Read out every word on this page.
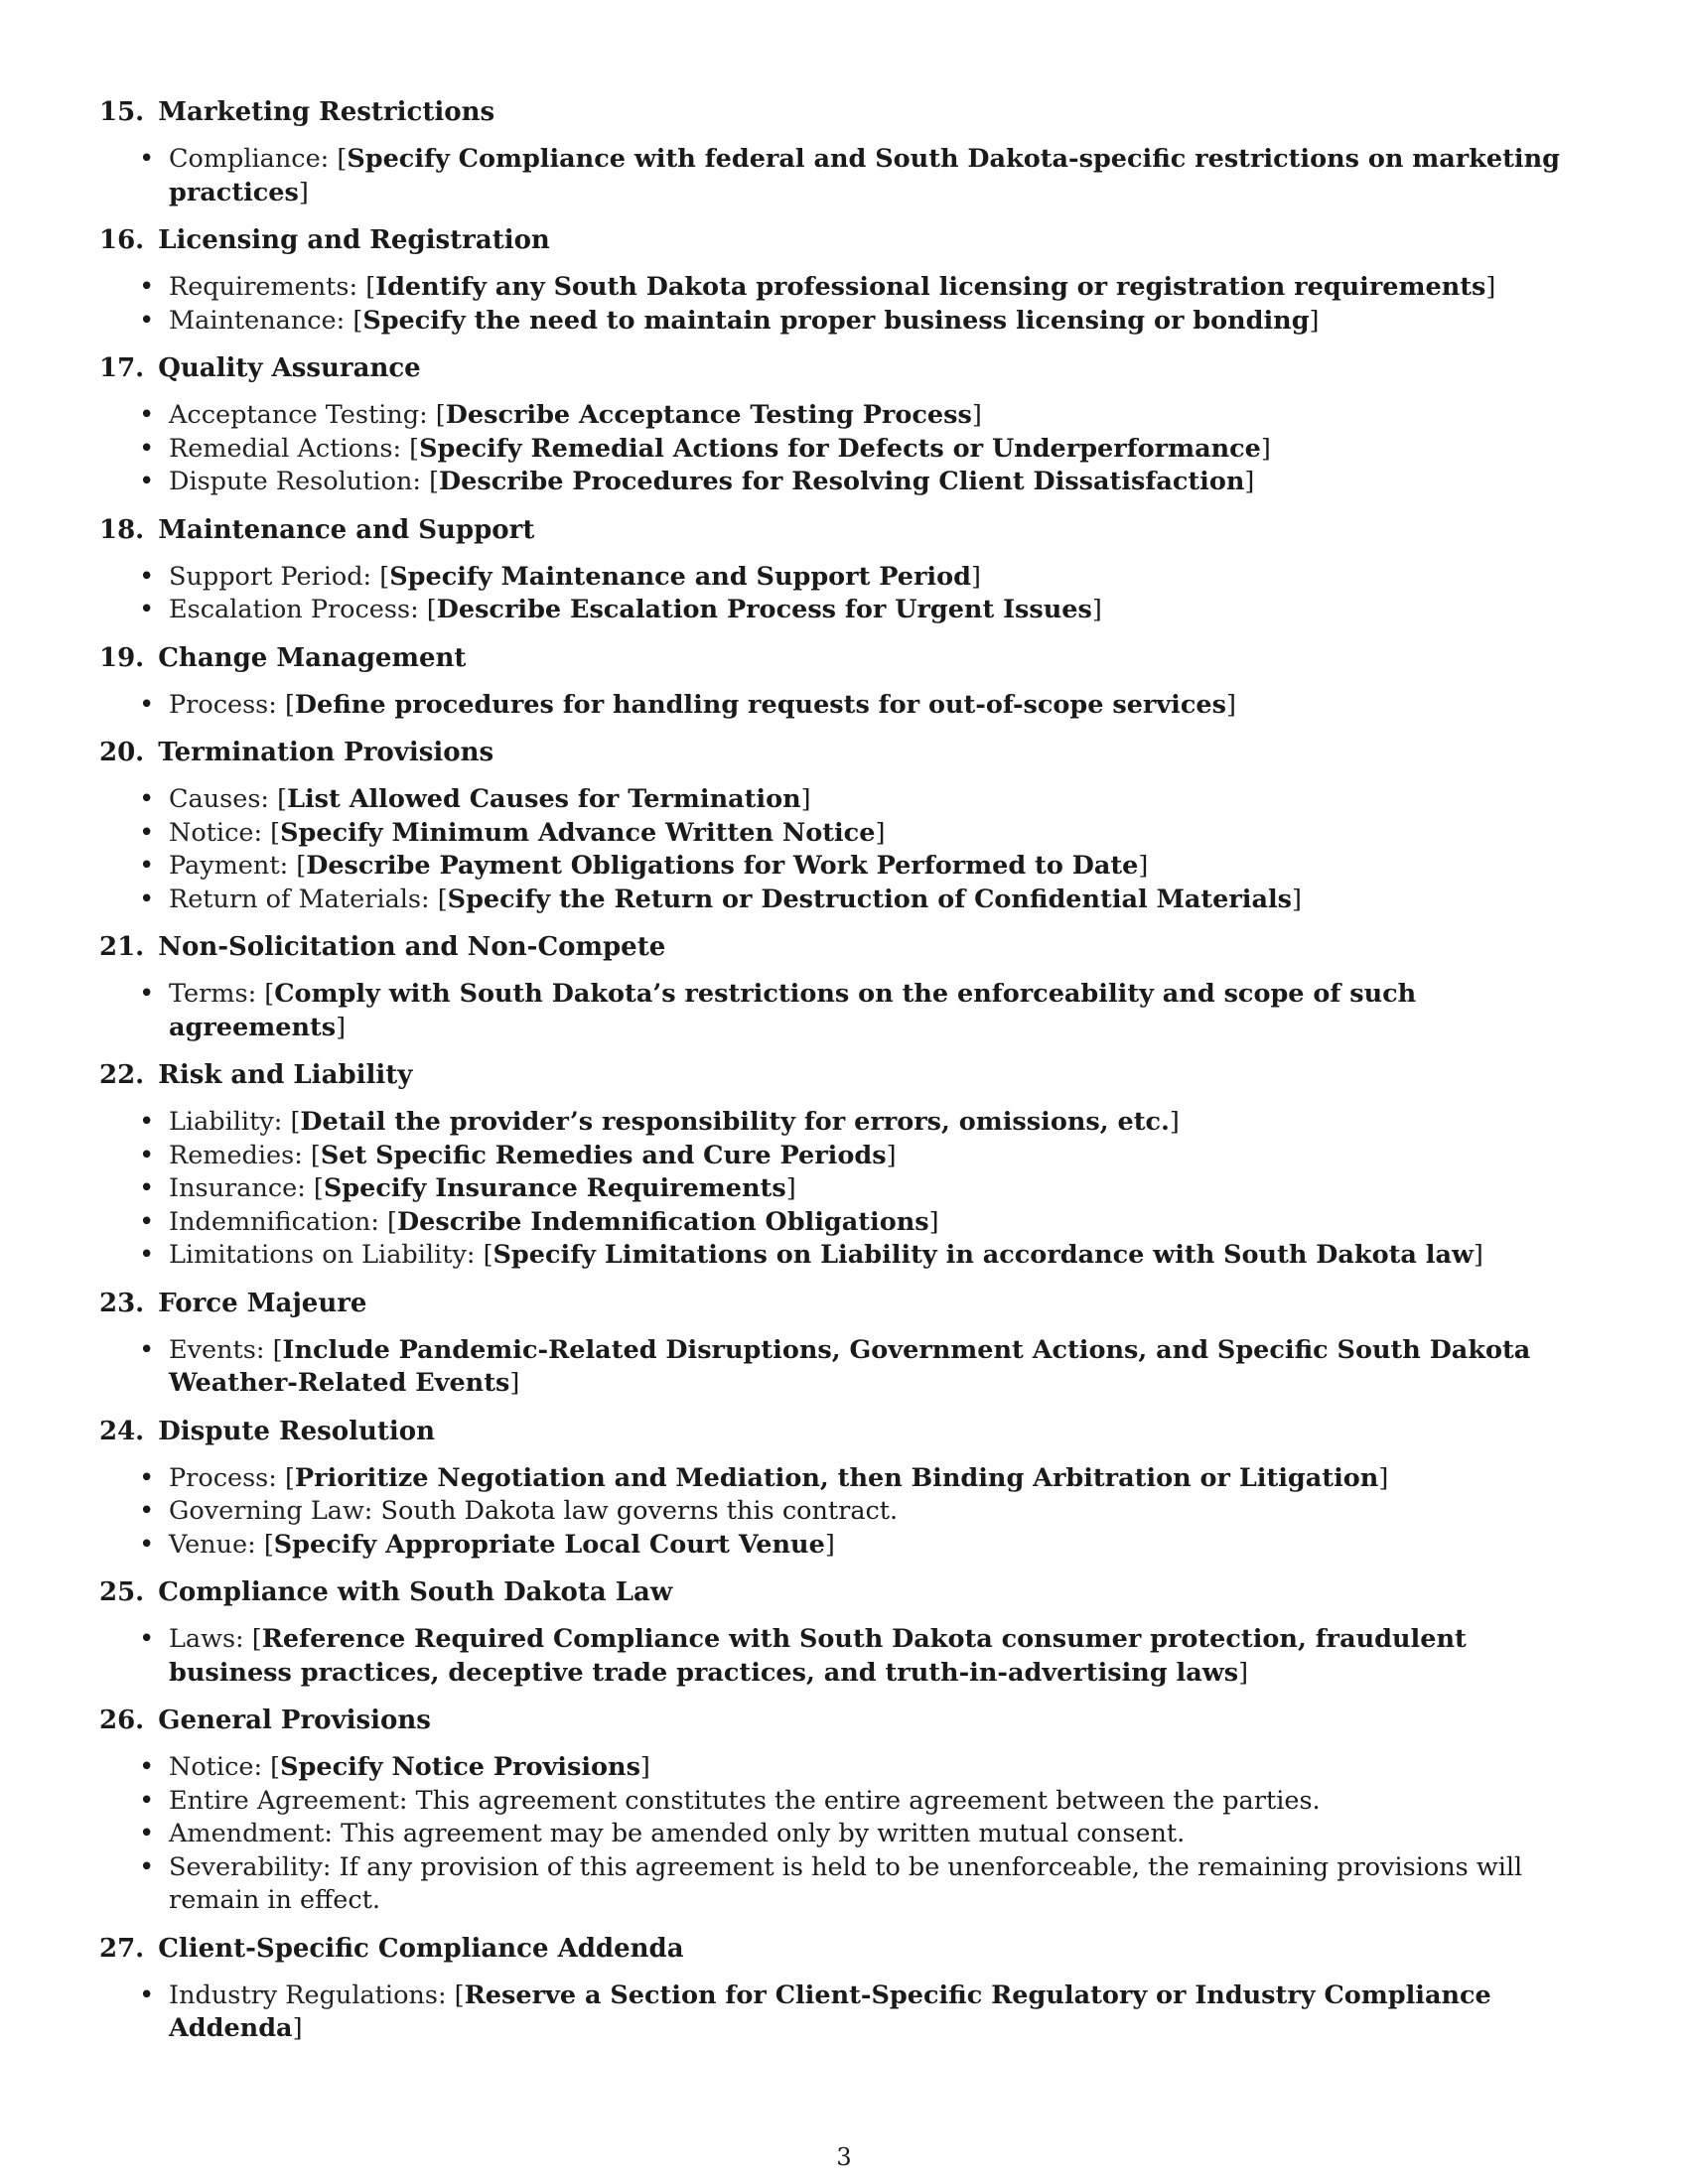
15. Marketing Restrictions
• Compliance: [Specify Compliance with federal and South Dakota-specific restrictions on marketing practices]
16. Licensing and Registration
• Requirements: [Identify any South Dakota professional licensing or registration requirements]
• Maintenance: [Specify the need to maintain proper business licensing or bonding]
17. Quality Assurance
• Acceptance Testing: [Describe Acceptance Testing Process]
• Remedial Actions: [Specify Remedial Actions for Defects or Underperformance]
• Dispute Resolution: [Describe Procedures for Resolving Client Dissatisfaction]
18. Maintenance and Support
• Support Period: [Specify Maintenance and Support Period]
• Escalation Process: [Describe Escalation Process for Urgent Issues]
19. Change Management
• Process: [Define procedures for handling requests for out-of-scope services]
20. Termination Provisions
• Causes: [List Allowed Causes for Termination]
• Notice: [Specify Minimum Advance Written Notice]
• Payment: [Describe Payment Obligations for Work Performed to Date]
• Return of Materials: [Specify the Return or Destruction of Confidential Materials]
21. Non-Solicitation and Non-Compete
• Terms: [Comply with South Dakota’s restrictions on the enforceability and scope of such agreements]
22. Risk and Liability
• Liability: [Detail the provider’s responsibility for errors, omissions, etc.]
• Remedies: [Set Specific Remedies and Cure Periods]
• Insurance: [Specify Insurance Requirements]
• Indemnification: [Describe Indemnification Obligations]
• Limitations on Liability: [Specify Limitations on Liability in accordance with South Dakota law]
23. Force Majeure
• Events: [Include Pandemic-Related Disruptions, Government Actions, and Specific South Dakota Weather-Related Events]
24. Dispute Resolution
• Process: [Prioritize Negotiation and Mediation, then Binding Arbitration or Litigation]
• Governing Law: South Dakota law governs this contract.
• Venue: [Specify Appropriate Local Court Venue]
25. Compliance with South Dakota Law
• Laws: [Reference Required Compliance with South Dakota consumer protection, fraudulent business practices, deceptive trade practices, and truth-in-advertising laws]
26. General Provisions
• Notice: [Specify Notice Provisions]
• Entire Agreement: This agreement constitutes the entire agreement between the parties.
• Amendment: This agreement may be amended only by written mutual consent.
• Severability: If any provision of this agreement is held to be unenforceable, the remaining provisions will remain in effect.
27. Client-Specific Compliance Addenda
• Industry Regulations: [Reserve a Section for Client-Specific Regulatory or Industry Compliance Addenda]
3
